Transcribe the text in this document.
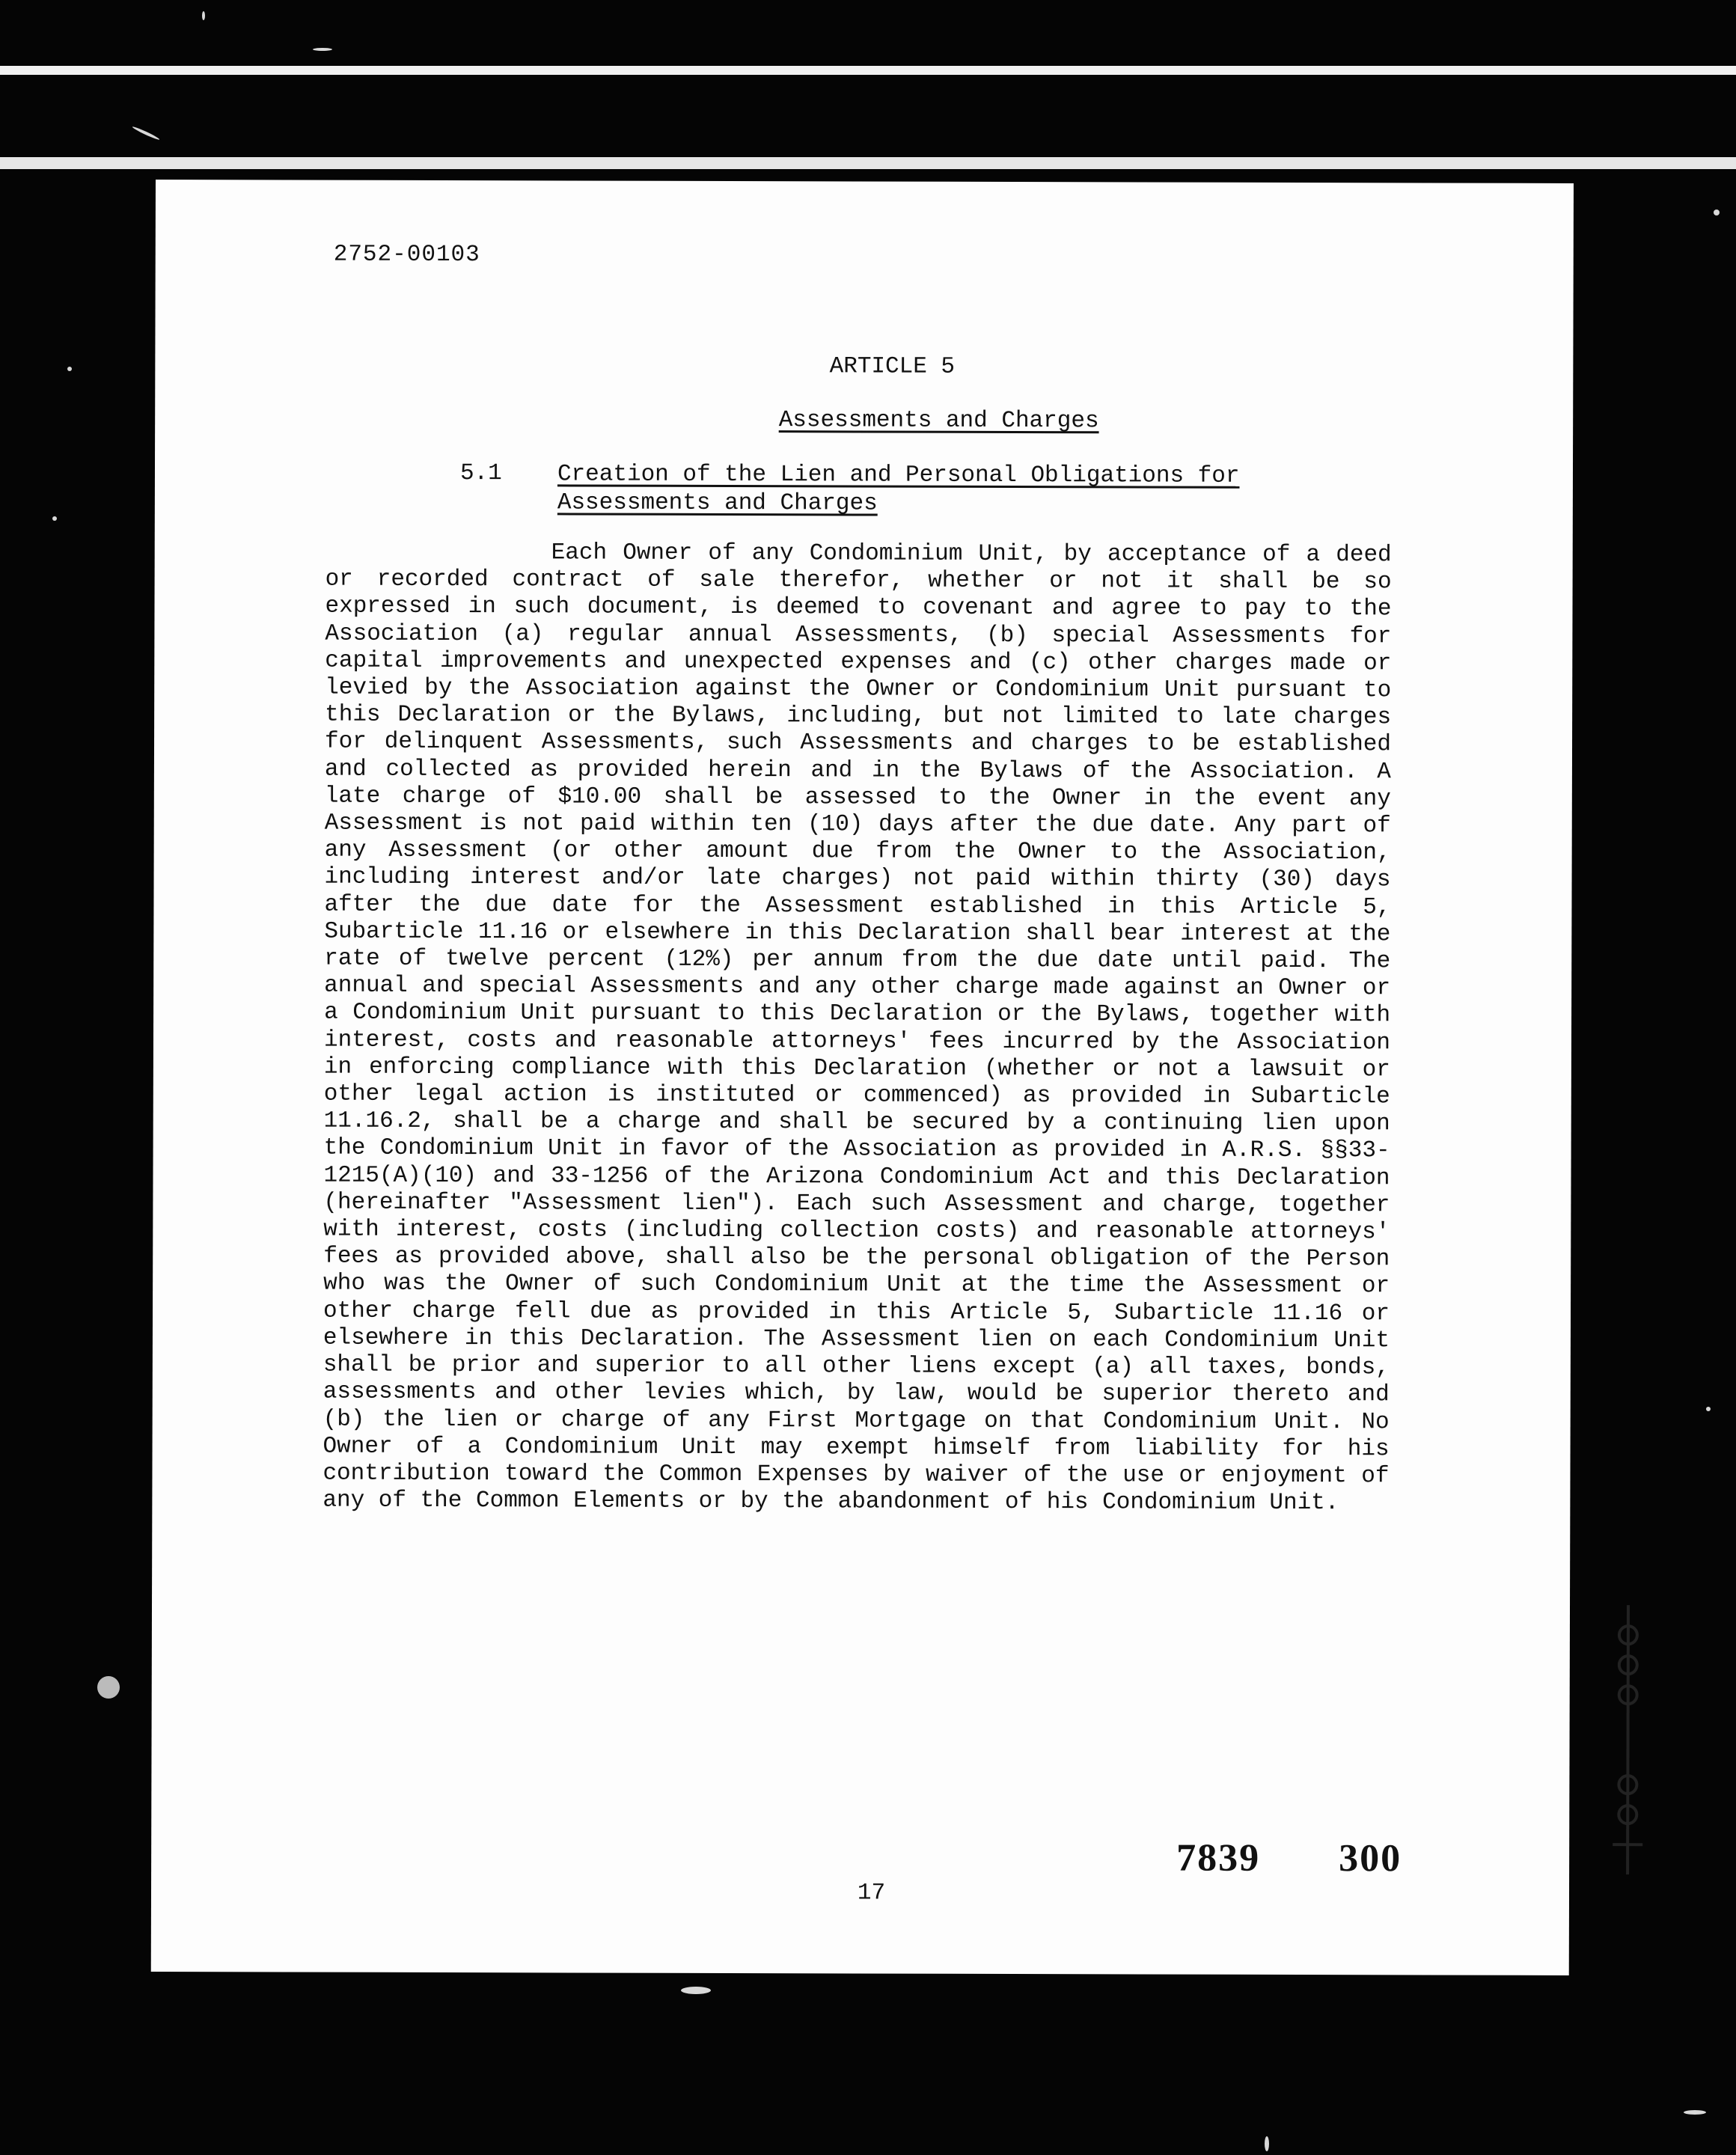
2752-00103
ARTICLE 5
Assessments and Charges
5.1 Creation of the Lien and Personal Obligations for Assessments and Charges
Each Owner of any Condominium Unit, by acceptance of a deed or recorded contract of sale therefor, whether or not it shall be so expressed in such document, is deemed to covenant and agree to pay to the Association (a) regular annual Assessments, (b) special Assessments for capital improvements and unexpected expenses and (c) other charges made or levied by the Association against the Owner or Condominium Unit pursuant to this Declaration or the Bylaws, including, but not limited to late charges for delinquent Assessments, such Assessments and charges to be established and collected as provided herein and in the Bylaws of the Association. A late charge of $10.00 shall be assessed to the Owner in the event any Assessment is not paid within ten (10) days after the due date. Any part of any Assessment (or other amount due from the Owner to the Association, including interest and/or late charges) not paid within thirty (30) days after the due date for the Assessment established in this Article 5, Subarticle 11.16 or elsewhere in this Declaration shall bear interest at the rate of twelve percent (12%) per annum from the due date until paid. The annual and special Assessments and any other charge made against an Owner or a Condominium Unit pursuant to this Declaration or the Bylaws, together with interest, costs and reasonable attorneys' fees incurred by the Association in enforcing compliance with this Declaration (whether or not a lawsuit or other legal action is instituted or commenced) as provided in Subarticle 11.16.2, shall be a charge and shall be secured by a continuing lien upon the Condominium Unit in favor of the Association as provided in A.R.S. §§33-1215(A)(10) and 33-1256 of the Arizona Condominium Act and this Declaration (hereinafter "Assessment lien"). Each such Assessment and charge, together with interest, costs (including collection costs) and reasonable attorneys' fees as provided above, shall also be the personal obligation of the Person who was the Owner of such Condominium Unit at the time the Assessment or other charge fell due as provided in this Article 5, Subarticle 11.16 or elsewhere in this Declaration. The Assessment lien on each Condominium Unit shall be prior and superior to all other liens except (a) all taxes, bonds, assessments and other levies which, by law, would be superior thereto and (b) the lien or charge of any First Mortgage on that Condominium Unit. No Owner of a Condominium Unit may exempt himself from liability for his contribution toward the Common Expenses by waiver of the use or enjoyment of any of the Common Elements or by the abandonment of his Condominium Unit.
17
7839 300
